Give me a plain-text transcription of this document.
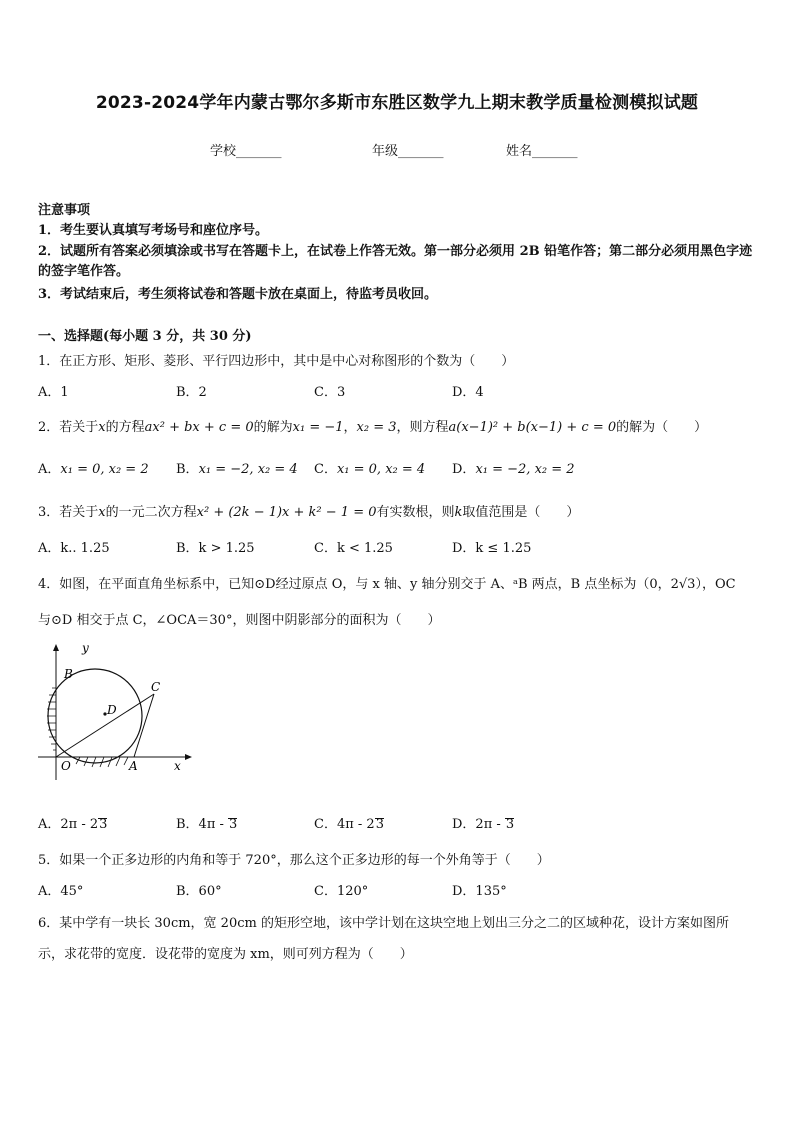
2023-2024学年内蒙古鄂尔多斯市东胜区数学九上期末教学质量检测模拟试题
学校_______	年级_______	姓名_______
注意事项
1．考生要认真填写考场号和座位序号。
2．试题所有答案必须填涂或书写在答题卡上，在试卷上作答无效。第一部分必须用 2B 铅笔作答；第二部分必须用黑色字迹的签字笔作答。
3．考试结束后，考生须将试卷和答题卡放在桌面上，待监考员收回。
一、选择题(每小题 3 分，共 30 分)
1．在正方形、矩形、菱形、平行四边形中，其中是中心对称图形的个数为（　　）
A．1	B．2	C．3	D．4
2．若关于x的方程ax² + bx + c = 0的解为x₁ = −1，x₂ = 3，则方程a(x−1)² + b(x−1) + c = 0的解为（　　）
A．x₁ = 0, x₂ = 2 B．x₁ = −2, x₂ = 4 C．x₁ = 0, x₂ = 4 D．x₁ = −2, x₂ = 2
3．若关于x的一元二次方程x² + (2k − 1)x + k² − 1 = 0有实数根，则k取值范围是（　　）
A．k.. 1.25	B．k > 1.25	C．k < 1.25	D．k ≤ 1.25
4．如图，在平面直角坐标系中，已知⊙D经过原点 O，与 x 轴、y 轴分别交于 A、ᵃB 两点，B 点坐标为（0，2√3），OC
与⊙D 相交于点 C，∠OCA＝30°，则图中阴影部分的面积为（　　）
y
x
O	A
B
C
D
A．2π - 23	B．4π - 3	C．4π - 23	D．2π - 3
5．如果一个正多边形的内角和等于 720°，那么这个正多边形的每一个外角等于（　　）
A．45°	B．60°	C．120°	D．135°
6．某中学有一块长 30cm，宽 20cm 的矩形空地，该中学计划在这块空地上划出三分之二的区域种花，设计方案如图所
示，求花带的宽度．设花带的宽度为 xm，则可列方程为（　　）
